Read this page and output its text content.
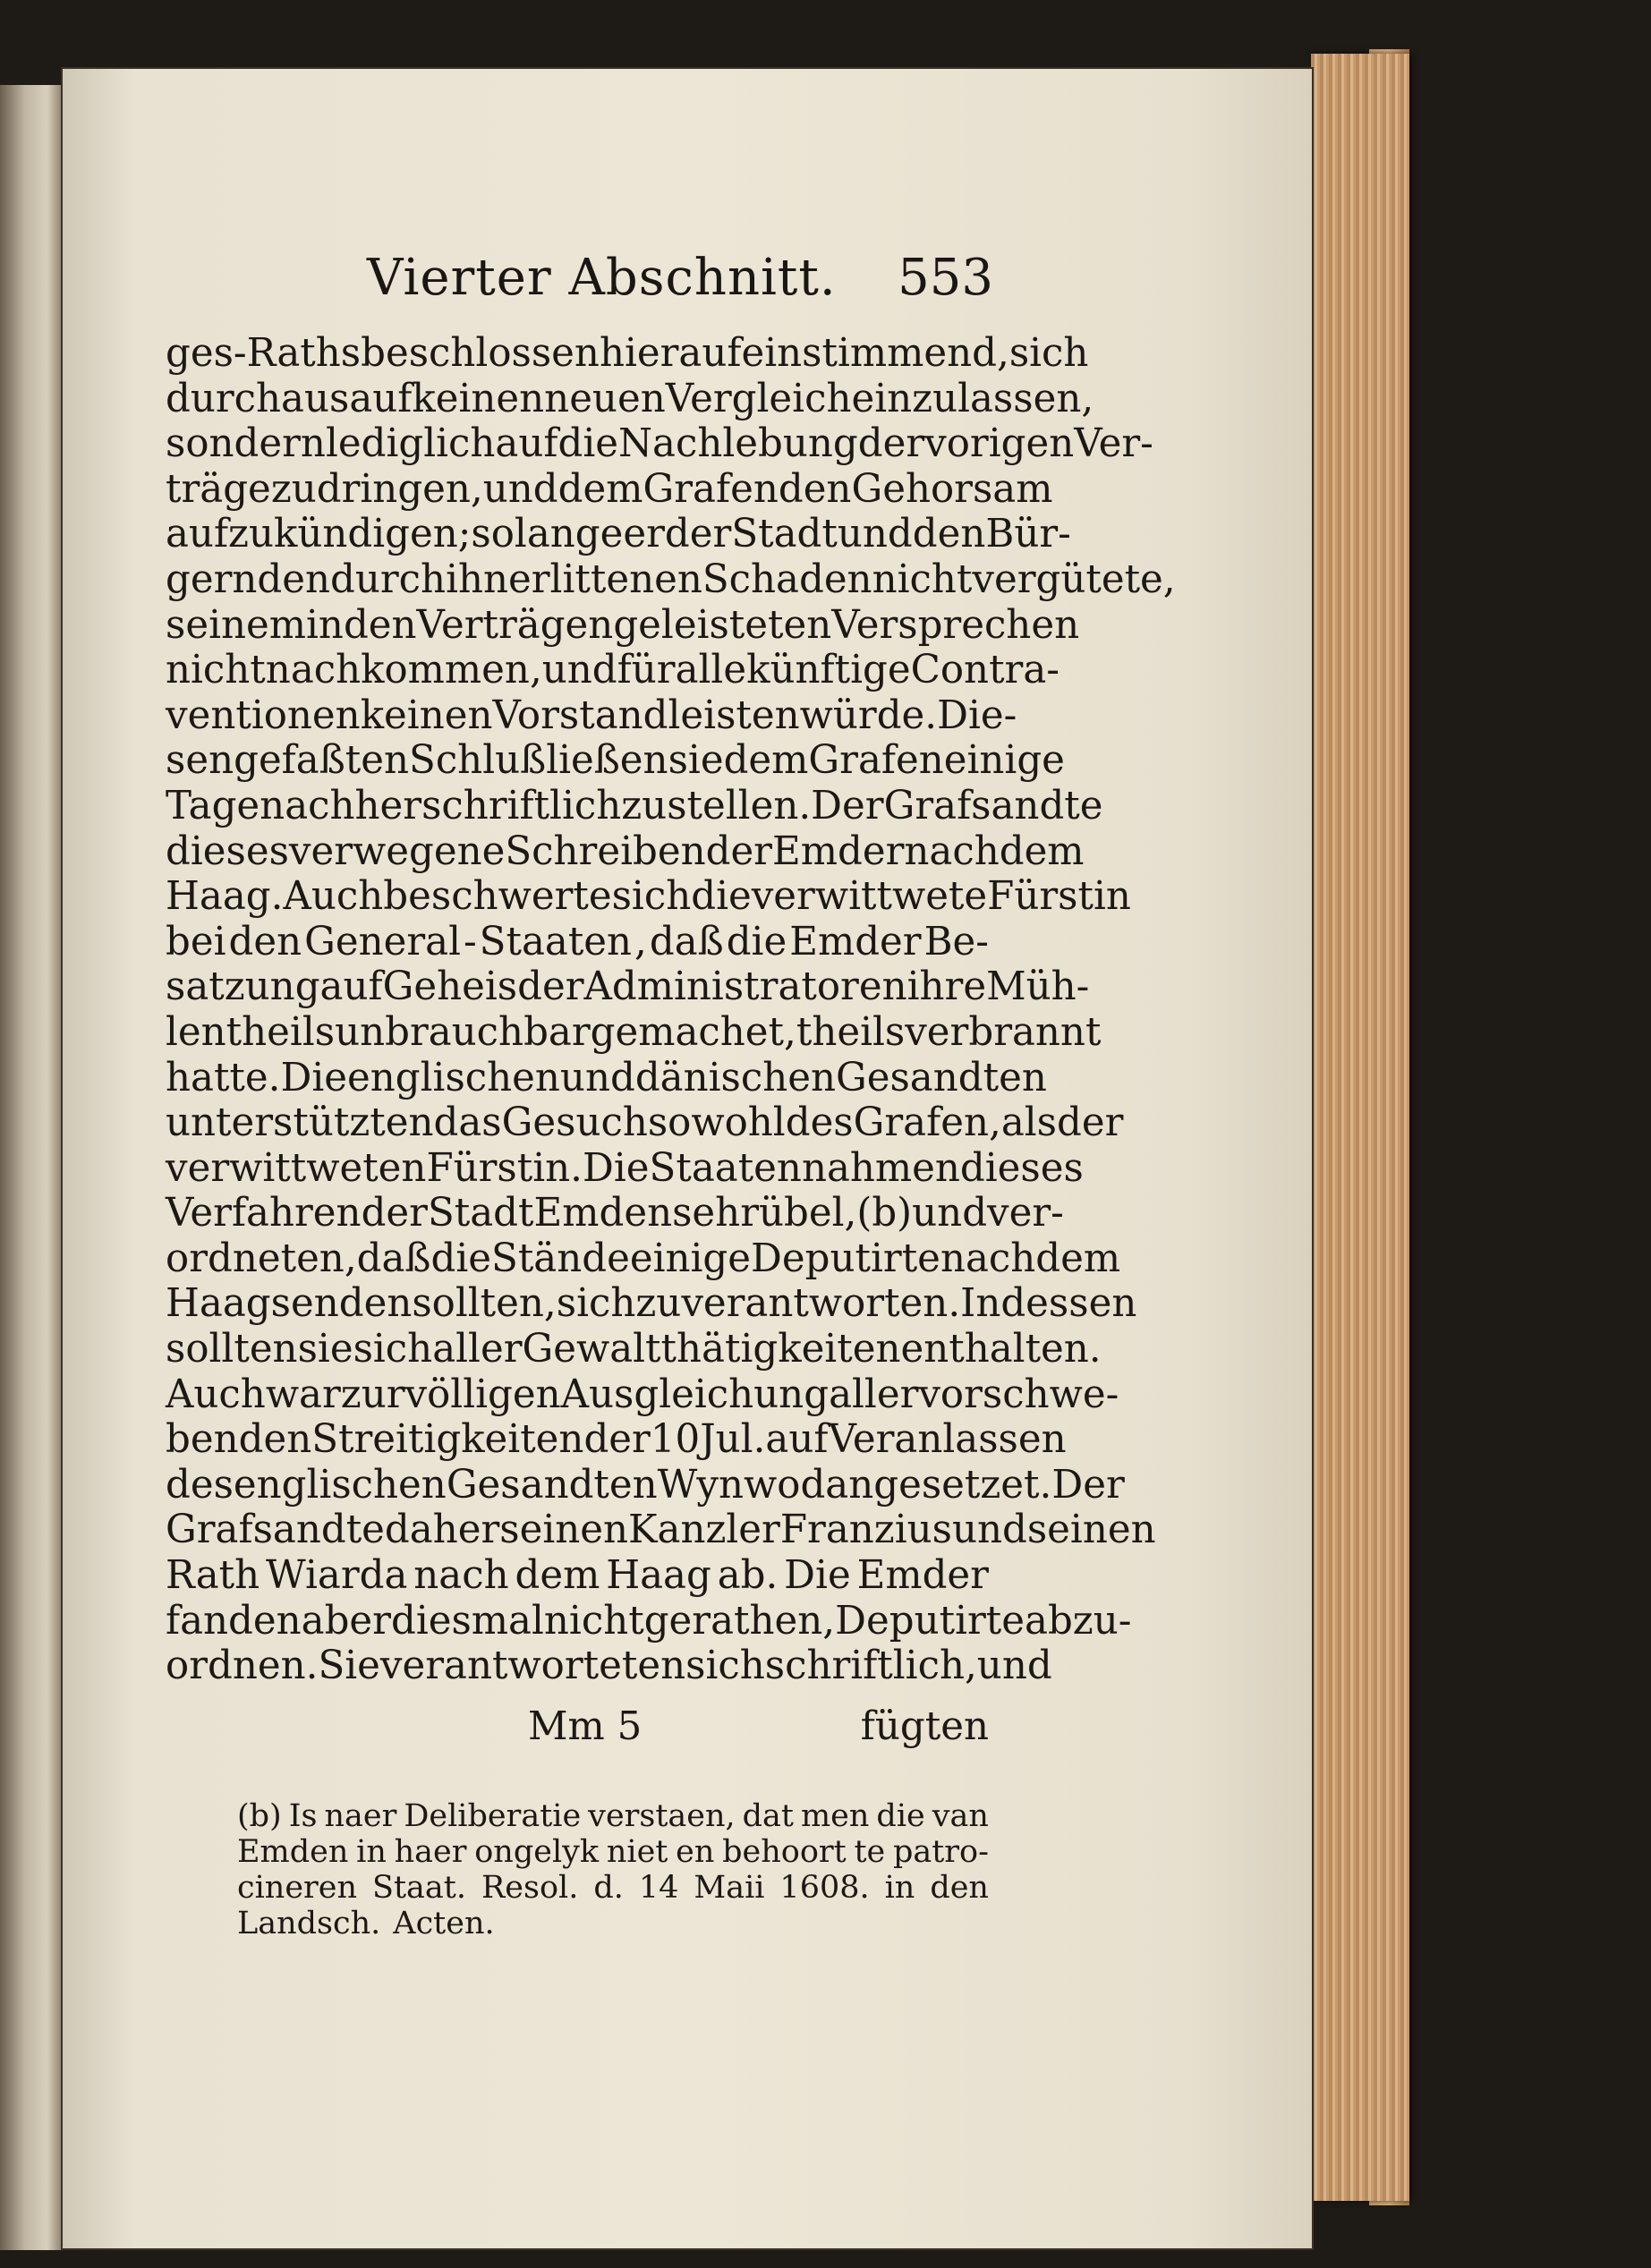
Vierter Abschnitt. 553
ges - Raths beschlossen hierauf einstimmend , sich
durchaus auf keinen neuen Vergleich einzulassen,
sondern lediglich auf die Nachlebung der vorigen Ver-
träge zu dringen, und dem Grafen den Gehorsam
aufzukündigen; so lange er der Stadt und den Bür-
gern den durch ihn erlittenen Schaden nicht vergütete,
seinem in den Verträgen geleisteten Versprechen
nicht nachkommen , und für alle künftige Contra-
ventionen keinen Vorstand leisten würde. Die-
sen gefaßten Schluß ließen sie dem Grafen einige
Tage nachher schriftlich zustellen. Der Graf sandte
dieses verwegene Schreiben der Emder nach dem
Haag. Auch beschwerte sich die verwittwete Fürstin
bei den General - Staaten , daß die Emder Be-
satzung auf Geheis der Administratoren ihre Müh-
len theils unbrauchbar gemachet, theils verbrannt
hatte. Die englischen und dänischen Gesandten
unterstützten das Gesuch sowohl des Grafen , als der
verwittweten Fürstin. Die Staaten nahmen dieses
Verfahren der Stadt Emden sehr übel , (b) und ver-
ordneten, daß die Stände einige Deputirte nach dem
Haag senden sollten, sich zu verantworten. Indessen
sollten sie sich aller Gewaltthätigkeiten enthalten.
Auch war zur völligen Ausgleichung aller vorschwe-
benden Streitigkeiten der 10 Jul. auf Veranlassen
des englischen Gesandten Wynwod angesetzet. Der
Graf sandte daher seinen Kanzler Franzius und seinen
Rath Wiarda nach dem Haag ab. Die Emder
fanden aber diesmal nicht gerathen , Deputirte abzu-
ordnen. Sie verantworteten sich schriftlich , und
Mm 5	fügten
(b) Is naer Deliberatie verstaen, dat men die van
Emden in haer ongelyk niet en behoort te patro-
cineren Staat. Resol. d. 14 Maii 1608. in den
Landsch. Acten.
